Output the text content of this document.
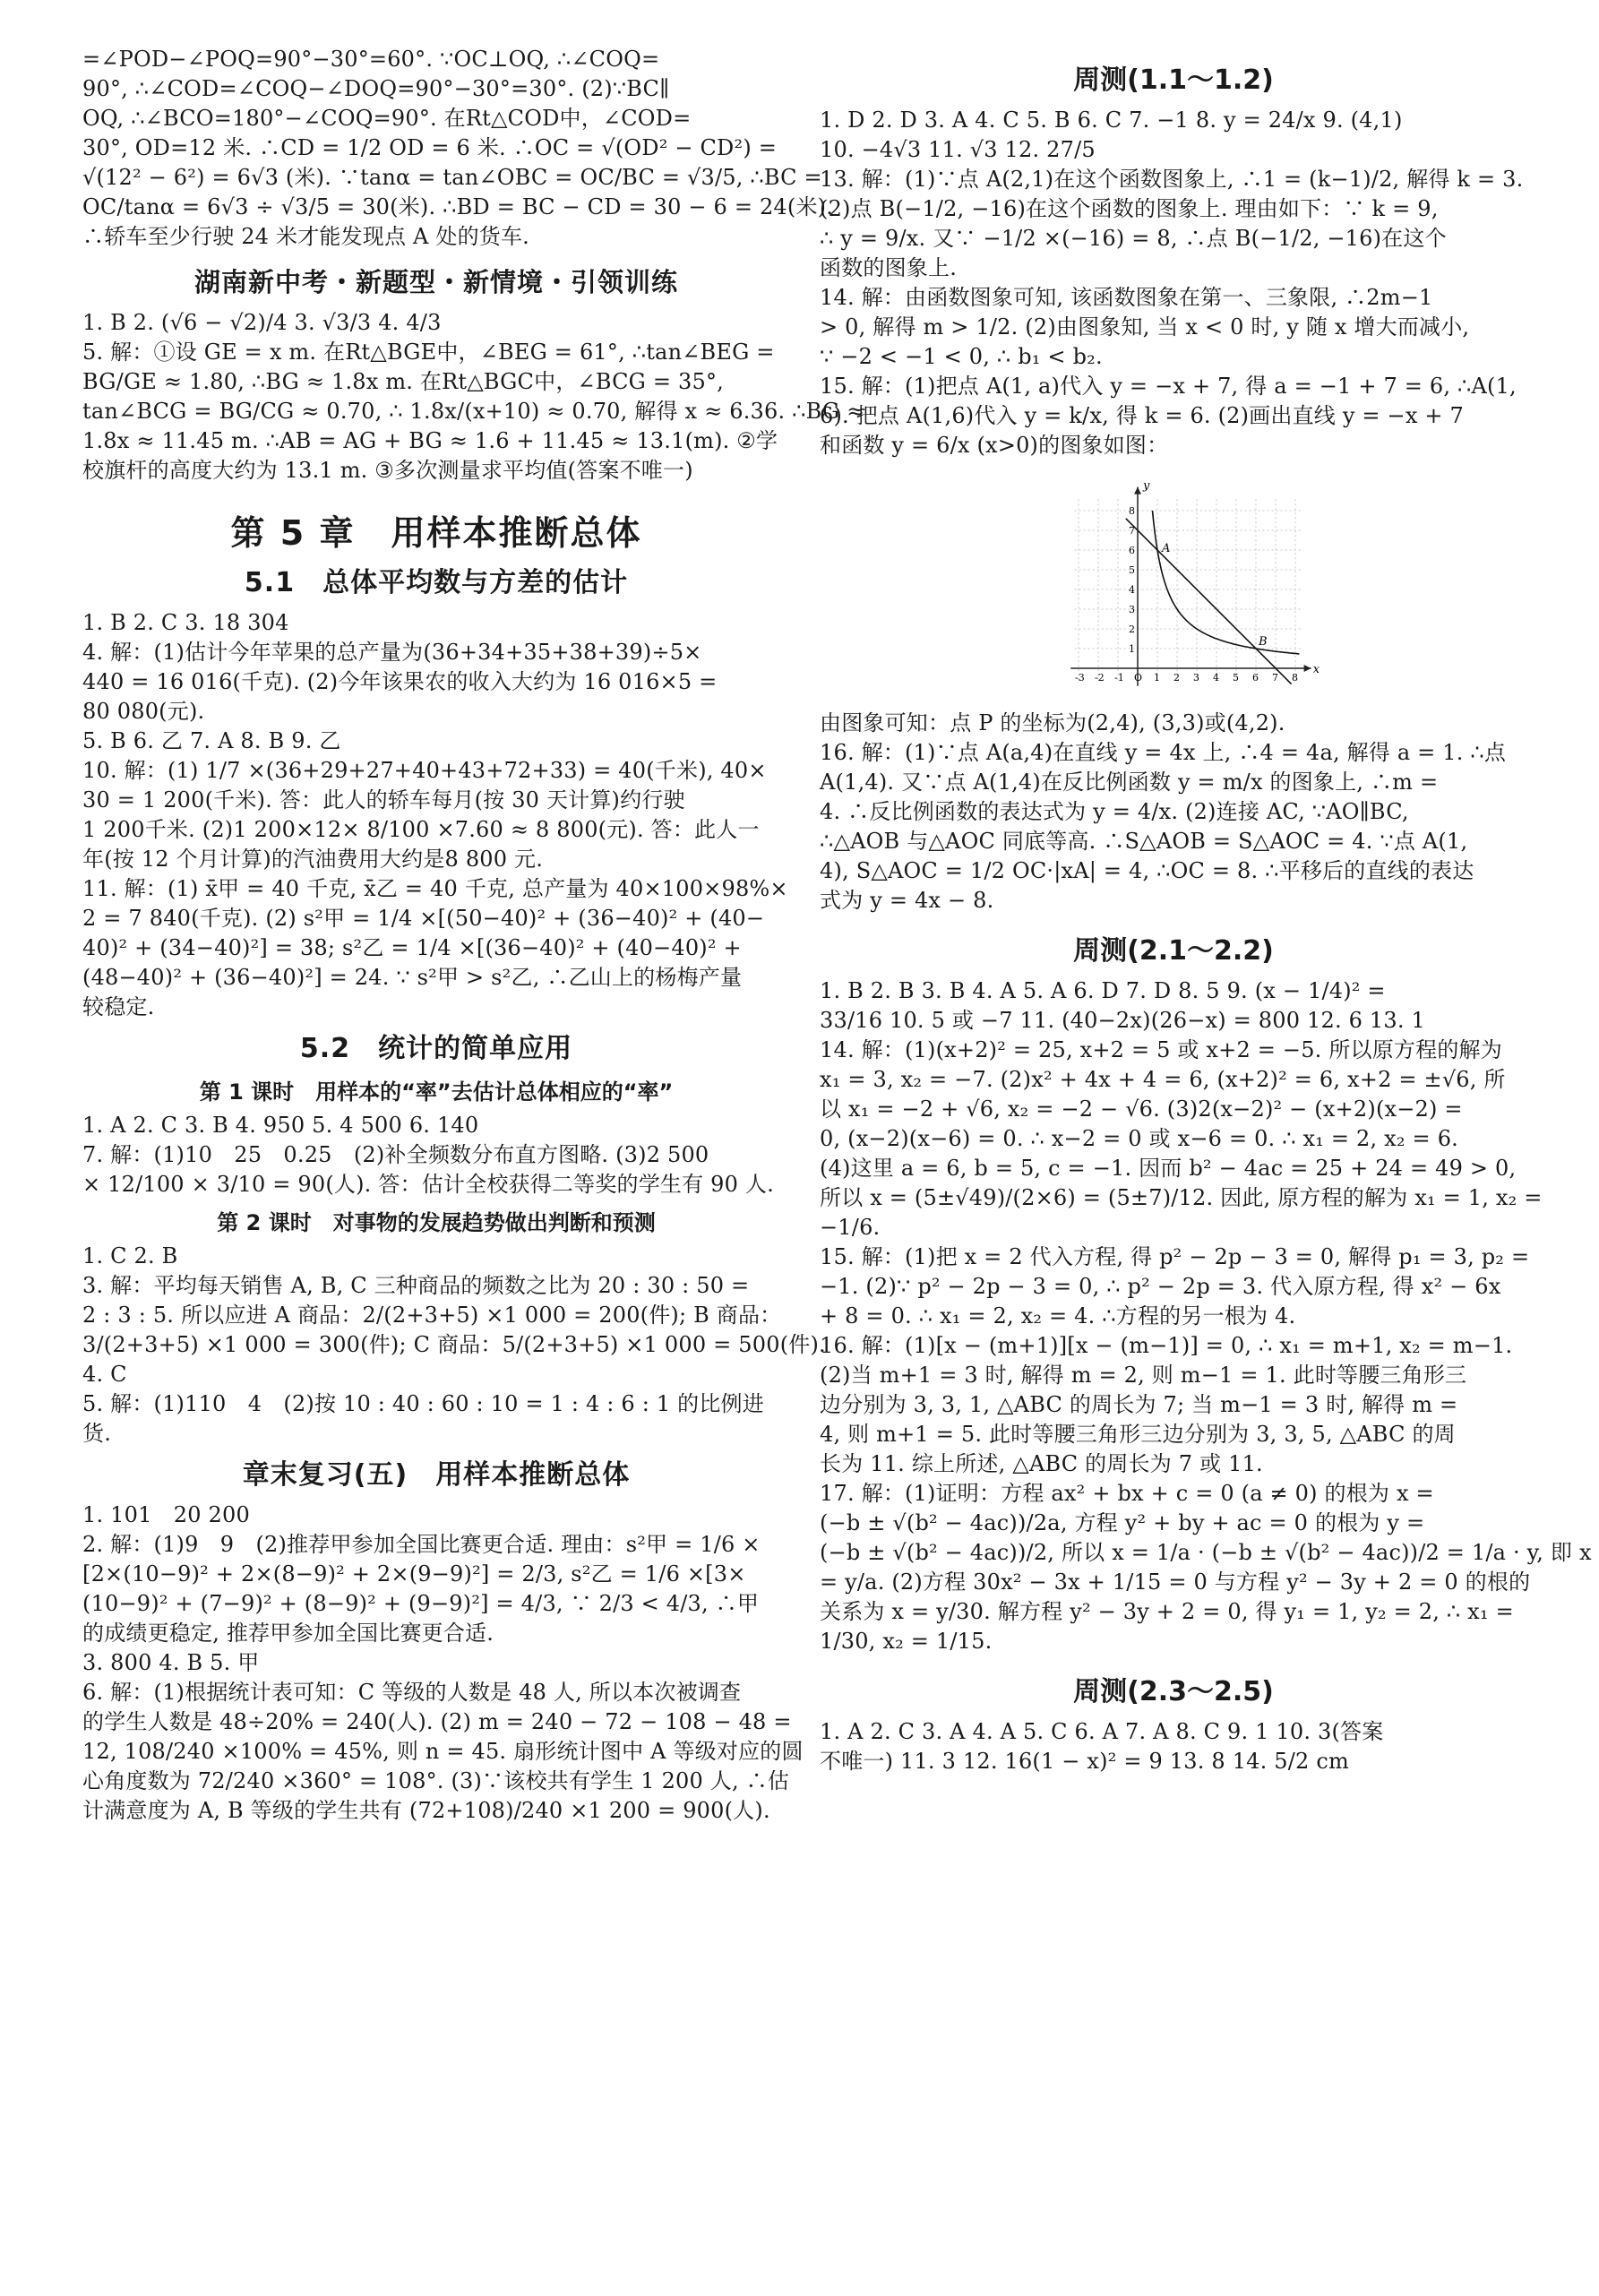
=∠POD−∠POQ=90°−30°=60°. ∵OC⊥OQ, ∴∠COQ=

90°, ∴∠COD=∠COQ−∠DOQ=90°−30°=30°. (2)∵BC∥

OQ, ∴∠BCO=180°−∠COQ=90°. 在Rt△COD中，∠COD=

30°, OD=12 米. ∴CD = 1/2 OD = 6 米. ∴OC = √(OD² − CD²) =

√(12² − 6²) = 6√3 (米). ∵tanα = tan∠OBC = OC/BC = √3/5, ∴BC =

OC/tanα = 6√3 ÷ √3/5 = 30(米). ∴BD = BC − CD = 30 − 6 = 24(米).

∴轿车至少行驶 24 米才能发现点 A 处的货车.

湖南新中考・新题型・新情境・引领训练

1. B 2. (√6 − √2)/4 3. √3/3 4. 4/3

5. 解：①设 GE = x m. 在Rt△BGE中，∠BEG = 61°, ∴tan∠BEG =

BG/GE ≈ 1.80, ∴BG ≈ 1.8x m. 在Rt△BGC中，∠BCG = 35°,

tan∠BCG = BG/CG ≈ 0.70, ∴ 1.8x/(x+10) ≈ 0.70, 解得 x ≈ 6.36. ∴BG ≈

1.8x ≈ 11.45 m. ∴AB = AG + BG ≈ 1.6 + 11.45 ≈ 13.1(m). ②学

校旗杆的高度大约为 13.1 m. ③多次测量求平均值(答案不唯一)

第 5 章　用样本推断总体
5.1　总体平均数与方差的估计

1. B 2. C 3. 18 304

4. 解：(1)估计今年苹果的总产量为(36+34+35+38+39)÷5×

440 = 16 016(千克). (2)今年该果农的收入大约为 16 016×5 =

80 080(元).

5. B 6. 乙 7. A 8. B 9. 乙

10. 解：(1) 1/7 ×(36+29+27+40+43+72+33) = 40(千米), 40×

30 = 1 200(千米). 答：此人的轿车每月(按 30 天计算)约行驶

1 200千米. (2)1 200×12× 8/100 ×7.60 ≈ 8 800(元). 答：此人一

年(按 12 个月计算)的汽油费用大约是8 800 元.

11. 解：(1) x̄甲 = 40 千克, x̄乙 = 40 千克, 总产量为 40×100×98%×

2 = 7 840(千克). (2) s²甲 = 1/4 ×[(50−40)² + (36−40)² + (40−

40)² + (34−40)²] = 38; s²乙 = 1/4 ×[(36−40)² + (40−40)² +

(48−40)² + (36−40)²] = 24. ∵ s²甲 > s²乙, ∴乙山上的杨梅产量

较稳定.

5.2　统计的简单应用
第 1 课时　用样本的“率”去估计总体相应的“率”

1. A 2. C 3. B 4. 950 5. 4 500 6. 140

7. 解：(1)10　25　0.25　(2)补全频数分布直方图略. (3)2 500

× 12/100 × 3/10 = 90(人). 答：估计全校获得二等奖的学生有 90 人.

第 2 课时　对事物的发展趋势做出判断和预测

1. C 2. B

3. 解：平均每天销售 A, B, C 三种商品的频数之比为 20 : 30 : 50 =

2 : 3 : 5. 所以应进 A 商品：2/(2+3+5) ×1 000 = 200(件); B 商品：

3/(2+3+5) ×1 000 = 300(件); C 商品：5/(2+3+5) ×1 000 = 500(件).

4. C

5. 解：(1)110　4　(2)按 10 : 40 : 60 : 10 = 1 : 4 : 6 : 1 的比例进

货.

章末复习(五)　用样本推断总体

1. 101　20 200

2. 解：(1)9　9　(2)推荐甲参加全国比赛更合适. 理由：s²甲 = 1/6 ×

[2×(10−9)² + 2×(8−9)² + 2×(9−9)²] = 2/3, s²乙 = 1/6 ×[3×

(10−9)² + (7−9)² + (8−9)² + (9−9)²] = 4/3, ∵ 2/3 < 4/3, ∴甲

的成绩更稳定, 推荐甲参加全国比赛更合适.

3. 800 4. B 5. 甲

6. 解：(1)根据统计表可知：C 等级的人数是 48 人, 所以本次被调查

的学生人数是 48÷20% = 240(人). (2) m = 240 − 72 − 108 − 48 =

12, 108/240 ×100% = 45%, 则 n = 45. 扇形统计图中 A 等级对应的圆

心角度数为 72/240 ×360° = 108°. (3)∵该校共有学生 1 200 人, ∴估

计满意度为 A, B 等级的学生共有 (72+108)/240 ×1 200 = 900(人).

周测(1.1～1.2)

1. D 2. D 3. A 4. C 5. B 6. C 7. −1 8. y = 24/x 9. (4,1)

10. −4√3 11. √3 12. 27/5

13. 解：(1)∵点 A(2,1)在这个函数图象上, ∴1 = (k−1)/2, 解得 k = 3.

(2)点 B(−1/2, −16)在这个函数的图象上. 理由如下：∵ k = 9,

∴ y = 9/x. 又∵ −1/2 ×(−16) = 8, ∴点 B(−1/2, −16)在这个

函数的图象上.

14. 解：由函数图象可知, 该函数图象在第一、三象限, ∴2m−1

> 0, 解得 m > 1/2. (2)由图象知, 当 x < 0 时, y 随 x 增大而减小,

∵ −2 < −1 < 0, ∴ b₁ < b₂.

15. 解：(1)把点 A(1, a)代入 y = −x + 7, 得 a = −1 + 7 = 6, ∴A(1,

6). 把点 A(1,6)代入 y = k/x, 得 k = 6. (2)画出直线 y = −x + 7

和函数 y = 6/x (x>0)的图象如图：

x
y
-3 -2 -1 O 1 2 3 4 5 6 7 8
1
2
3
4
5
6
7
8
A
B

由图象可知：点 P 的坐标为(2,4), (3,3)或(4,2).

16. 解：(1)∵点 A(a,4)在直线 y = 4x 上, ∴4 = 4a, 解得 a = 1. ∴点

A(1,4). 又∵点 A(1,4)在反比例函数 y = m/x 的图象上, ∴m =

4. ∴反比例函数的表达式为 y = 4/x. (2)连接 AC, ∵AO∥BC,

∴△AOB 与△AOC 同底等高. ∴S△AOB = S△AOC = 4. ∵点 A(1,

4), S△AOC = 1/2 OC·|xA| = 4, ∴OC = 8. ∴平移后的直线的表达

式为 y = 4x − 8.

周测(2.1～2.2)

1. B 2. B 3. B 4. A 5. A 6. D 7. D 8. 5 9. (x − 1/4)² =

33/16 10. 5 或 −7 11. (40−2x)(26−x) = 800 12. 6 13. 1

14. 解：(1)(x+2)² = 25, x+2 = 5 或 x+2 = −5. 所以原方程的解为

x₁ = 3, x₂ = −7. (2)x² + 4x + 4 = 6, (x+2)² = 6, x+2 = ±√6, 所

以 x₁ = −2 + √6, x₂ = −2 − √6. (3)2(x−2)² − (x+2)(x−2) =

0, (x−2)(x−6) = 0. ∴ x−2 = 0 或 x−6 = 0. ∴ x₁ = 2, x₂ = 6.

(4)这里 a = 6, b = 5, c = −1. 因而 b² − 4ac = 25 + 24 = 49 > 0,

所以 x = (5±√49)/(2×6) = (5±7)/12. 因此, 原方程的解为 x₁ = 1, x₂ =

−1/6.

15. 解：(1)把 x = 2 代入方程, 得 p² − 2p − 3 = 0, 解得 p₁ = 3, p₂ =

−1. (2)∵ p² − 2p − 3 = 0, ∴ p² − 2p = 3. 代入原方程, 得 x² − 6x

+ 8 = 0. ∴ x₁ = 2, x₂ = 4. ∴方程的另一根为 4.

16. 解：(1)[x − (m+1)][x − (m−1)] = 0, ∴ x₁ = m+1, x₂ = m−1.

(2)当 m+1 = 3 时, 解得 m = 2, 则 m−1 = 1. 此时等腰三角形三

边分别为 3, 3, 1, △ABC 的周长为 7; 当 m−1 = 3 时, 解得 m =

4, 则 m+1 = 5. 此时等腰三角形三边分别为 3, 3, 5, △ABC 的周

长为 11. 综上所述, △ABC 的周长为 7 或 11.

17. 解：(1)证明：方程 ax² + bx + c = 0 (a ≠ 0) 的根为 x =

(−b ± √(b² − 4ac))/2a, 方程 y² + by + ac = 0 的根为 y =

(−b ± √(b² − 4ac))/2, 所以 x = 1/a · (−b ± √(b² − 4ac))/2 = 1/a · y, 即 x

= y/a. (2)方程 30x² − 3x + 1/15 = 0 与方程 y² − 3y + 2 = 0 的根的

关系为 x = y/30. 解方程 y² − 3y + 2 = 0, 得 y₁ = 1, y₂ = 2, ∴ x₁ =

1/30, x₂ = 1/15.

周测(2.3～2.5)

1. A 2. C 3. A 4. A 5. C 6. A 7. A 8. C 9. 1 10. 3(答案

不唯一) 11. 3 12. 16(1 − x)² = 9 13. 8 14. 5/2 cm
